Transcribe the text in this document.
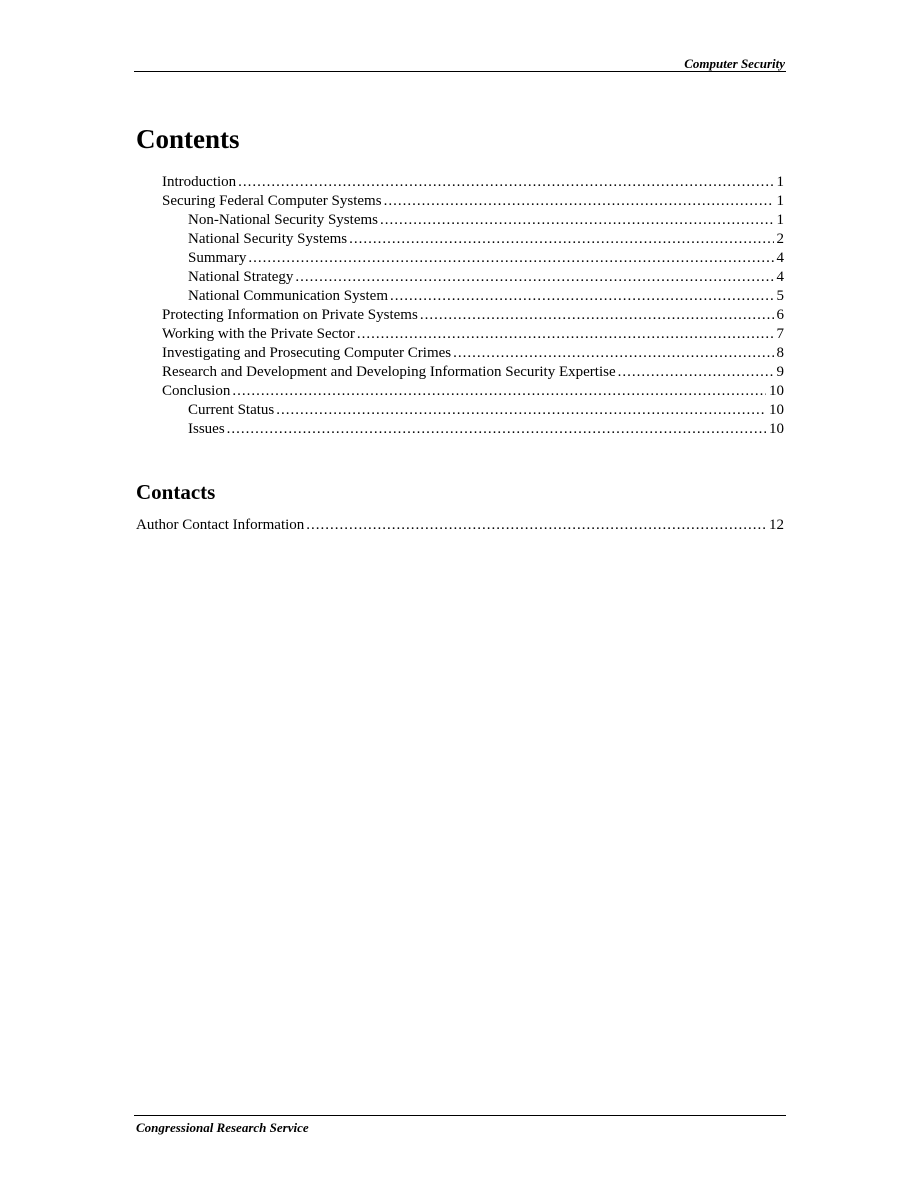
Computer Security
Contents
Introduction .....	1
Securing Federal Computer Systems .....	1
Non-National Security Systems .....	1
National Security Systems .....	2
Summary .....	4
National Strategy .....	4
National Communication System .....	5
Protecting Information on Private Systems .....	6
Working with the Private Sector .....	7
Investigating and Prosecuting Computer Crimes .....	8
Research and Development and Developing Information Security Expertise .....	9
Conclusion .....	10
Current Status .....	10
Issues .....	10
Contacts
Author Contact Information .....	12
Congressional Research Service
